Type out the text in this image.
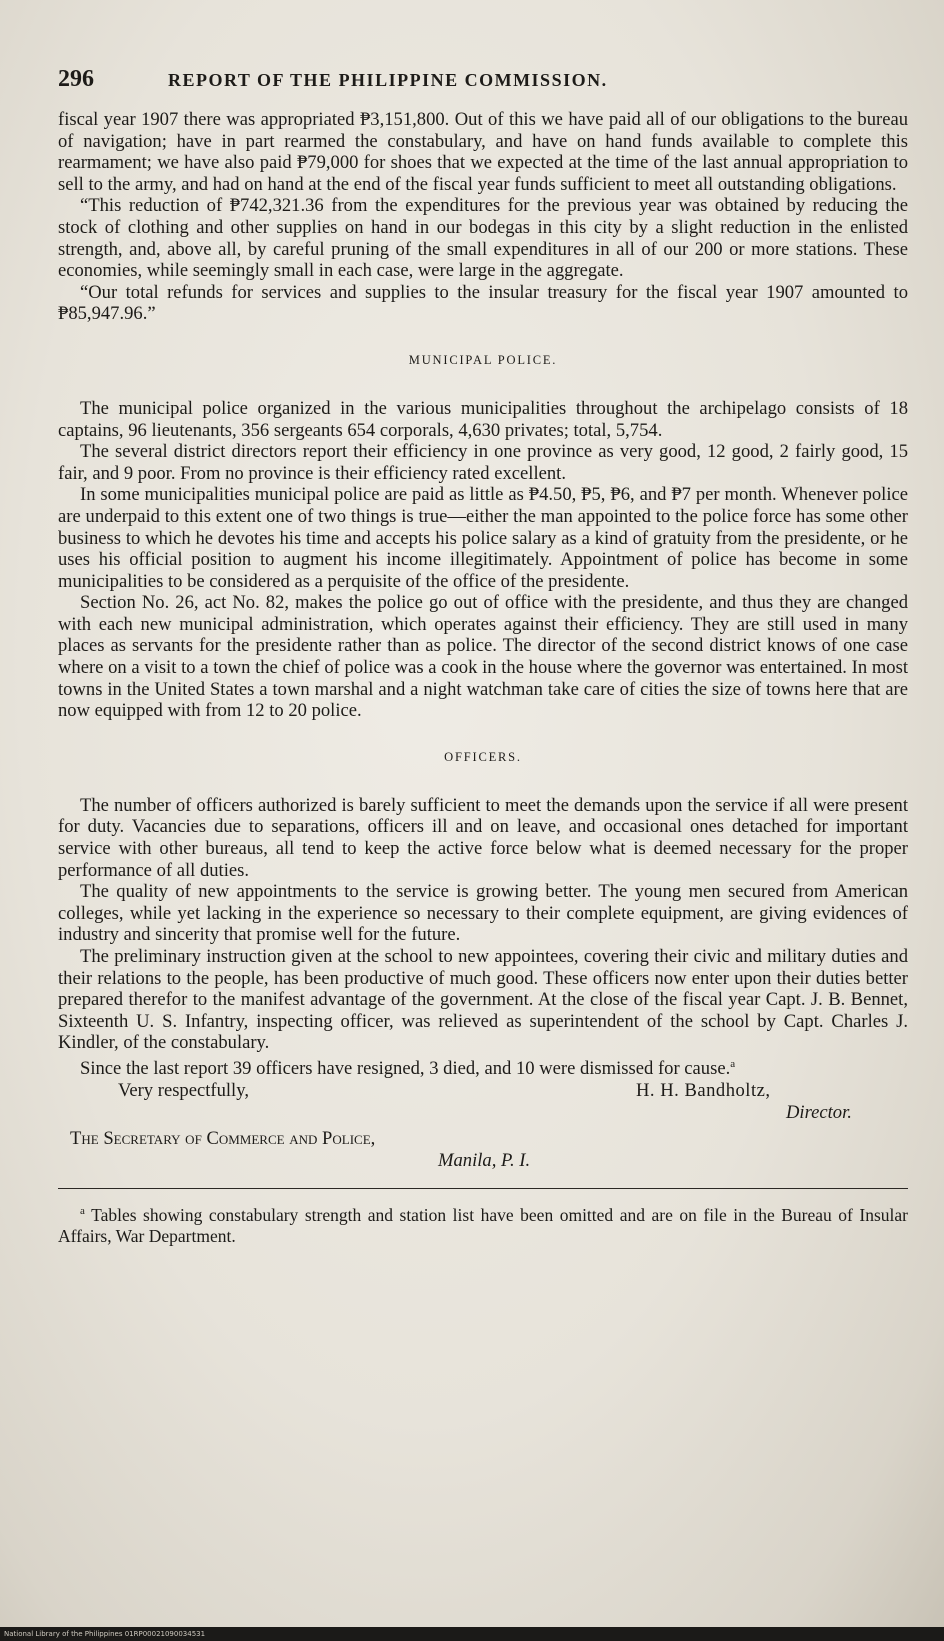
296	REPORT OF THE PHILIPPINE COMMISSION.

fiscal year 1907 there was appropriated ₱3,151,800. Out of this we have paid all of our obligations to the bureau of navigation; have in part rearmed the constabulary, and have on hand funds available to complete this rearmament; we have also paid ₱79,000 for shoes that we expected at the time of the last annual appropriation to sell to the army, and had on hand at the end of the fiscal year funds sufficient to meet all outstanding obligations.

“This reduction of ₱742,321.36 from the expenditures for the previous year was obtained by reducing the stock of clothing and other supplies on hand in our bodegas in this city by a slight reduction in the enlisted strength, and, above all, by careful pruning of the small expenditures in all of our 200 or more stations. These economies, while seemingly small in each case, were large in the aggregate.

“Our total refunds for services and supplies to the insular treasury for the fiscal year 1907 amounted to ₱85,947.96.”

MUNICIPAL POLICE.

The municipal police organized in the various municipalities throughout the archipelago consists of 18 captains, 96 lieutenants, 356 sergeants 654 corporals, 4,630 privates; total, 5,754.

The several district directors report their efficiency in one province as very good, 12 good, 2 fairly good, 15 fair, and 9 poor. From no province is their efficiency rated excellent.

In some municipalities municipal police are paid as little as ₱4.50, ₱5, ₱6, and ₱7 per month. Whenever police are underpaid to this extent one of two things is true—either the man appointed to the police force has some other business to which he devotes his time and accepts his police salary as a kind of gratuity from the presidente, or he uses his official position to augment his income illegitimately. Appointment of police has become in some municipalities to be considered as a perquisite of the office of the presidente.

Section No. 26, act No. 82, makes the police go out of office with the presidente, and thus they are changed with each new municipal administration, which operates against their efficiency. They are still used in many places as servants for the presidente rather than as police. The director of the second district knows of one case where on a visit to a town the chief of police was a cook in the house where the governor was entertained. In most towns in the United States a town marshal and a night watchman take care of cities the size of towns here that are now equipped with from 12 to 20 police.

OFFICERS.

The number of officers authorized is barely sufficient to meet the demands upon the service if all were present for duty. Vacancies due to separations, officers ill and on leave, and occasional ones detached for important service with other bureaus, all tend to keep the active force below what is deemed necessary for the proper performance of all duties.

The quality of new appointments to the service is growing better. The young men secured from American colleges, while yet lacking in the experience so necessary to their complete equipment, are giving evidences of industry and sincerity that promise well for the future.

The preliminary instruction given at the school to new appointees, covering their civic and military duties and their relations to the people, has been productive of much good. These officers now enter upon their duties better prepared therefor to the manifest advantage of the government. At the close of the fiscal year Capt. J. B. Bennet, Sixteenth U. S. Infantry, inspecting officer, was relieved as superintendent of the school by Capt. Charles J. Kindler, of the constabulary.

Since the last report 39 officers have resigned, 3 died, and 10 were dismissed for cause.$^a$

Very respectfully,	H. H. Bandholtz,
Director.
The Secretary of Commerce and Police,
Manila, P. I.

$^a$ Tables showing constabulary strength and station list have been omitted and are on file in the Bureau of Insular Affairs, War Department.

National Library of the Philippines 01RP00021090034531
